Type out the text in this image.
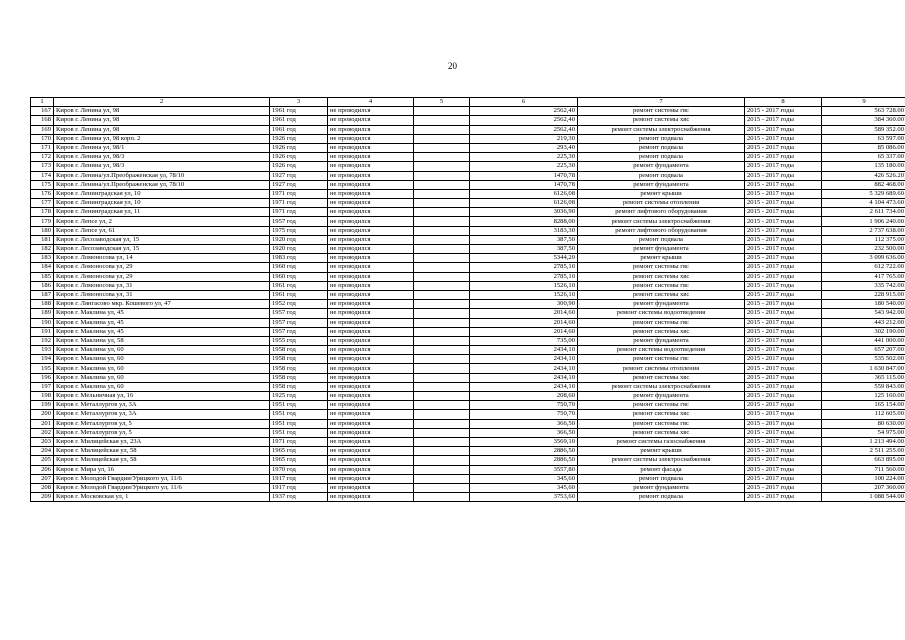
20
1	2	3	4	5	6	7	8	9
167	Киров г. Ленина ул, 98	1961 год	не проводился		2562,40	ремонт системы гвс	2015 - 2017 годы	563 728.00
168	Киров г. Ленина ул, 98	1961 год	не проводился		2562,40	ремонт системы хвс	2015 - 2017 годы	384 360.00
169	Киров г. Ленина ул, 98	1961 год	не проводился		2562,40	ремонт системы электроснабжения	2015 - 2017 годы	589 352.00
170	Киров г. Ленина ул, 98 корп. 2	1926 год	не проводился		219,30	ремонт подвала	2015 - 2017 годы	63 597.00
171	Киров г. Ленина ул, 98/1	1926 год	не проводился		293,40	ремонт подвала	2015 - 2017 годы	85 086.00
172	Киров г. Ленина ул, 98/3	1926 год	не проводился		225,30	ремонт подвала	2015 - 2017 годы	65 337.00
173	Киров г. Ленина ул, 98/3	1926 год	не проводился		225,30	ремонт фундамента	2015 - 2017 годы	135 180.00
174	Киров г. Ленина/ул.Преображенская ул, 78/10	1927 год	не проводился		1470,78	ремонт подвала	2015 - 2017 годы	426 526.20
175	Киров г. Ленина/ул.Преображенская ул, 78/10	1927 год	не проводился		1470,78	ремонт фундамента	2015 - 2017 годы	882 468.00
176	Киров г. Ленинградская ул, 10	1971 год	не проводился		6126,08	ремонт крыши	2015 - 2017 годы	5 329 689.60
177	Киров г. Ленинградская ул, 10	1971 год	не проводился		6126,08	ремонт системы отопления	2015 - 2017 годы	4 104 473.60
178	Киров г. Ленинградская ул, 11	1971 год	не проводился		3036,90	ремонт лифтового оборудования	2015 - 2017 годы	2 611 734.00
179	Киров г. Лепсе ул, 2	1957 год	не проводился		8288,00	ремонт системы электроснабжения	2015 - 2017 годы	1 906 240.00
180	Киров г. Лепсе ул, 61	1975 год	не проводился		3183,30	ремонт лифтового оборудования	2015 - 2017 годы	2 737 638.00
181	Киров г. Лесозаводская ул, 15	1920 год	не проводился		387,50	ремонт подвала	2015 - 2017 годы	112 375.00
182	Киров г. Лесозаводская ул, 15	1920 год	не проводился		387,50	ремонт фундамента	2015 - 2017 годы	232 500.00
183	Киров г. Ломоносова ул, 14	1983 год	не проводился		5344,20	ремонт крыши	2015 - 2017 годы	3 099 636.00
184	Киров г. Ломоносова ул, 29	1960 год	не проводился		2785,10	ремонт системы гвс	2015 - 2017 годы	612 722.00
185	Киров г. Ломоносова ул, 29	1960 год	не проводился		2785,10	ремонт системы хвс	2015 - 2017 годы	417 765.00
186	Киров г. Ломоносова ул, 31	1961 год	не проводился		1526,10	ремонт системы гвс	2015 - 2017 годы	335 742.00
187	Киров г. Ломоносова ул, 31	1961 год	не проводился		1526,10	ремонт системы хвс	2015 - 2017 годы	228 915.00
188	Киров г. Лянгасово мкр. Кошевого ул, 47	1952 год	не проводился		300,90	ремонт фундамента	2015 - 2017 годы	180 540.00
189	Киров г. Маклина ул, 45	1957 год	не проводился		2014,60	ремонт системы водоотведения	2015 - 2017 годы	543 942.00
190	Киров г. Маклина ул, 45	1957 год	не проводился		2014,60	ремонт системы гвс	2015 - 2017 годы	443 212.00
191	Киров г. Маклина ул, 45	1957 год	не проводился		2014,60	ремонт системы хвс	2015 - 2017 годы	302 190.00
192	Киров г. Маклина ул, 58	1955 год	не проводился		735,00	ремонт фундамента	2015 - 2017 годы	441 000.00
193	Киров г. Маклина ул, 60	1958 год	не проводился		2434,10	ремонт системы водоотведения	2015 - 2017 годы	657 207.00
194	Киров г. Маклина ул, 60	1958 год	не проводился		2434,10	ремонт системы гвс	2015 - 2017 годы	535 502.00
195	Киров г. Маклина ул, 60	1958 год	не проводился		2434,10	ремонт системы отопления	2015 - 2017 годы	1 630 847.00
196	Киров г. Маклина ул, 60	1958 год	не проводился		2434,10	ремонт системы хвс	2015 - 2017 годы	365 115.00
197	Киров г. Маклина ул, 60	1958 год	не проводился		2434,10	ремонт системы электроснабжения	2015 - 2017 годы	559 843.00
198	Киров г. Мельничная ул, 16	1925 год	не проводился		208,60	ремонт фундамента	2015 - 2017 годы	125 160.00
199	Киров г. Металлургов ул, 3А	1951 год	не проводился		750,70	ремонт системы гвс	2015 - 2017 годы	165 154.00
200	Киров г. Металлургов ул, 3А	1951 год	не проводился		750,70	ремонт системы хвс	2015 - 2017 годы	112 605.00
201	Киров г. Металлургов ул, 5	1951 год	не проводился		366,50	ремонт системы гвс	2015 - 2017 годы	80 630.00
202	Киров г. Металлургов ул, 5	1951 год	не проводился		366,50	ремонт системы хвс	2015 - 2017 годы	54 975.00
203	Киров г. Милицейская ул, 23А	1971 год	не проводился		3569,10	ремонт системы газоснабжения	2015 - 2017 годы	1 213 494.00
204	Киров г. Милицейская ул, 58	1965 год	не проводился		2886,50	ремонт крыши	2015 - 2017 годы	2 511 255.00
205	Киров г. Милицейская ул, 58	1965 год	не проводился		2886,50	ремонт системы электроснабжения	2015 - 2017 годы	663 895.00
206	Киров г. Мира ул, 16	1970 год	не проводился		3557,80	ремонт фасада	2015 - 2017 годы	711 560.00
207	Киров г. Молодой Гвардии/Урицкого ул, 11/6	1917 год	не проводился		345,60	ремонт подвала	2015 - 2017 годы	100 224.00
208	Киров г. Молодой Гвардии/Урицкого ул, 11/6	1917 год	не проводился		345,60	ремонт фундамента	2015 - 2017 годы	207 360.00
209	Киров г. Московская ул, 1	1937 год	не проводился		3753,60	ремонт подвала	2015 - 2017 годы	1 088 544.00
